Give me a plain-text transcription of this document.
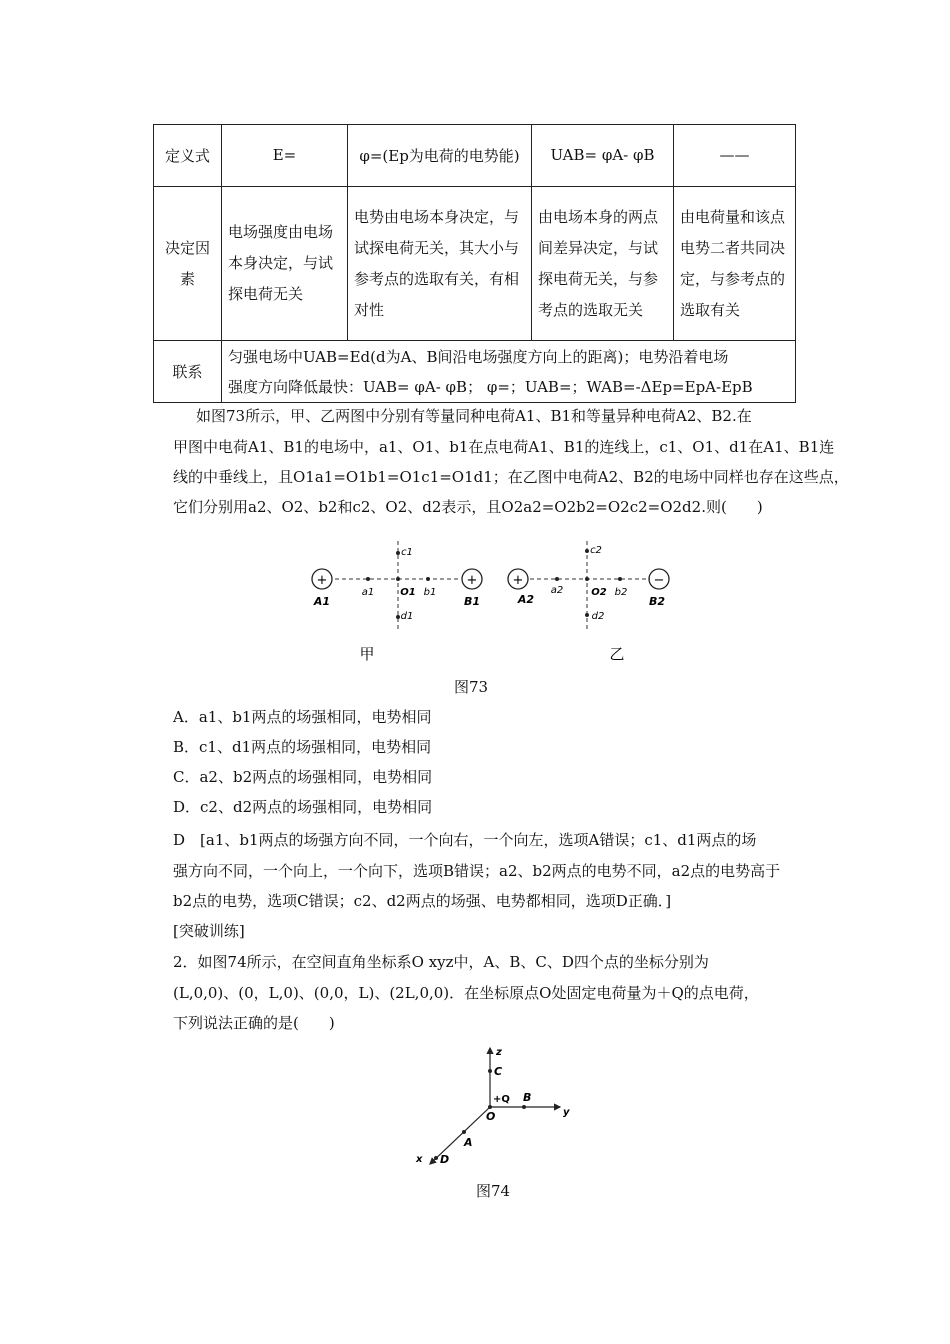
定义式	E=	φ=(Ep为电荷的电势能)	UAB= φA- φB	——
决定因素	电场强度由电场本身决定，与试探电荷无关	电势由电场本身决定，与试探电荷无关，其大小与参考点的选取有关，有相对性	由电场本身的两点间差异决定，与试探电荷无关，与参考点的选取无关	由电荷量和该点电势二者共同决定，与参考点的选取有关
联系	匀强电场中UAB=Ed(d为A、B间沿电场强度方向上的距离)；电势沿着电场
强度方向降低最快：UAB= φA- φB； φ=；UAB=；WAB=-ΔEp=EpA-EpB			
如图73所示，甲、乙两图中分别有等量同种电荷A1、B1和等量异种电荷A2、B2.在
甲图中电荷A1、B1的电场中，a1、O1、b1在点电荷A1、B1的连线上，c1、O1、d1在A1、B1连
线的中垂线上，且O1a1=O1b1=O1c1=O1d1；在乙图中电荷A2、B2的电场中同样也存在这些点，
它们分别用a2、O2、b2和c2、O2、d2表示，且O2a2=O2b2=O2c2=O2d2.则(　　)
+	+
A1	B1
a1	O1 b1
c1
d1
甲
+	−
A2	B2
a2	O2 b2
c2
d2
乙
图73
A．a1、b1两点的场强相同，电势相同
B．c1、d1两点的场强相同，电势相同
C．a2、b2两点的场强相同，电势相同
D．c2、d2两点的场强相同，电势相同
D　[a1、b1两点的场强方向不同，一个向右，一个向左，选项A错误；c1、d1两点的场
强方向不同，一个向上，一个向下，选项B错误；a2、b2两点的电势不同，a2点的电势高于
b2点的电势，选项C错误；c2、d2两点的场强、电势都相同，选项D正确．]
[突破训练]
2．如图74所示，在空间直角坐标系O xyz中，A、B、C、D四个点的坐标分别为
(L,0,0)、(0，L,0)、(0,0，L)、(2L,0,0)．在坐标原点O处固定电荷量为＋Q的点电荷，
下列说法正确的是(　　)
z
y
x
C
B
+Q
O
A
D
图74
